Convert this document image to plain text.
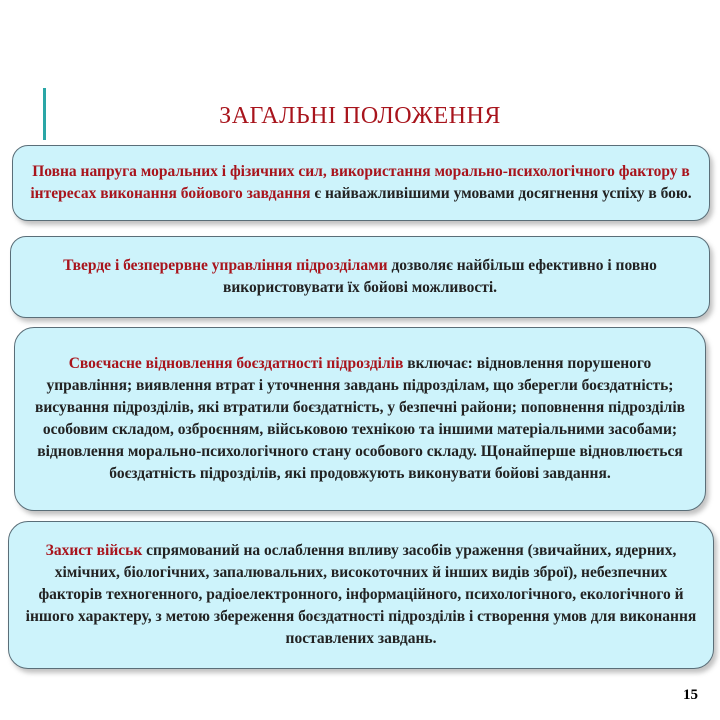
ЗАГАЛЬНІ ПОЛОЖЕННЯ
Повна напруга моральних і фізичних сил, використання морально-психологічного фактору в інтересах виконання бойового завдання є найважливішими умовами досягнення успіху в бою.
Тверде і безперервне управління підрозділами дозволяє найбільш ефективно і повно використовувати їх бойові можливості.
Своєчасне відновлення боєздатності підрозділів включає: відновлення порушеного управління; виявлення втрат і уточнення завдань підрозділам, що зберегли боєздатність; висування підрозділів, які втратили боєздатність, у безпечні райони; поповнення підрозділів особовим складом, озброєнням, військовою технікою та іншими матеріальними засобами; відновлення морально-психологічного стану особового складу. Щонайперше відновлюється боєздатність підрозділів, які продовжують виконувати бойові завдання.
Захист військ спрямований на ослаблення впливу засобів ураження (звичайних, ядерних, хімічних, біологічних, запалювальних, високоточних й інших видів зброї), небезпечних факторів техногенного, радіоелектронного, інформаційного, психологічного, екологічного й іншого характеру, з метою збереження боєздатності підрозділів і створення умов для виконання поставлених завдань.
15
